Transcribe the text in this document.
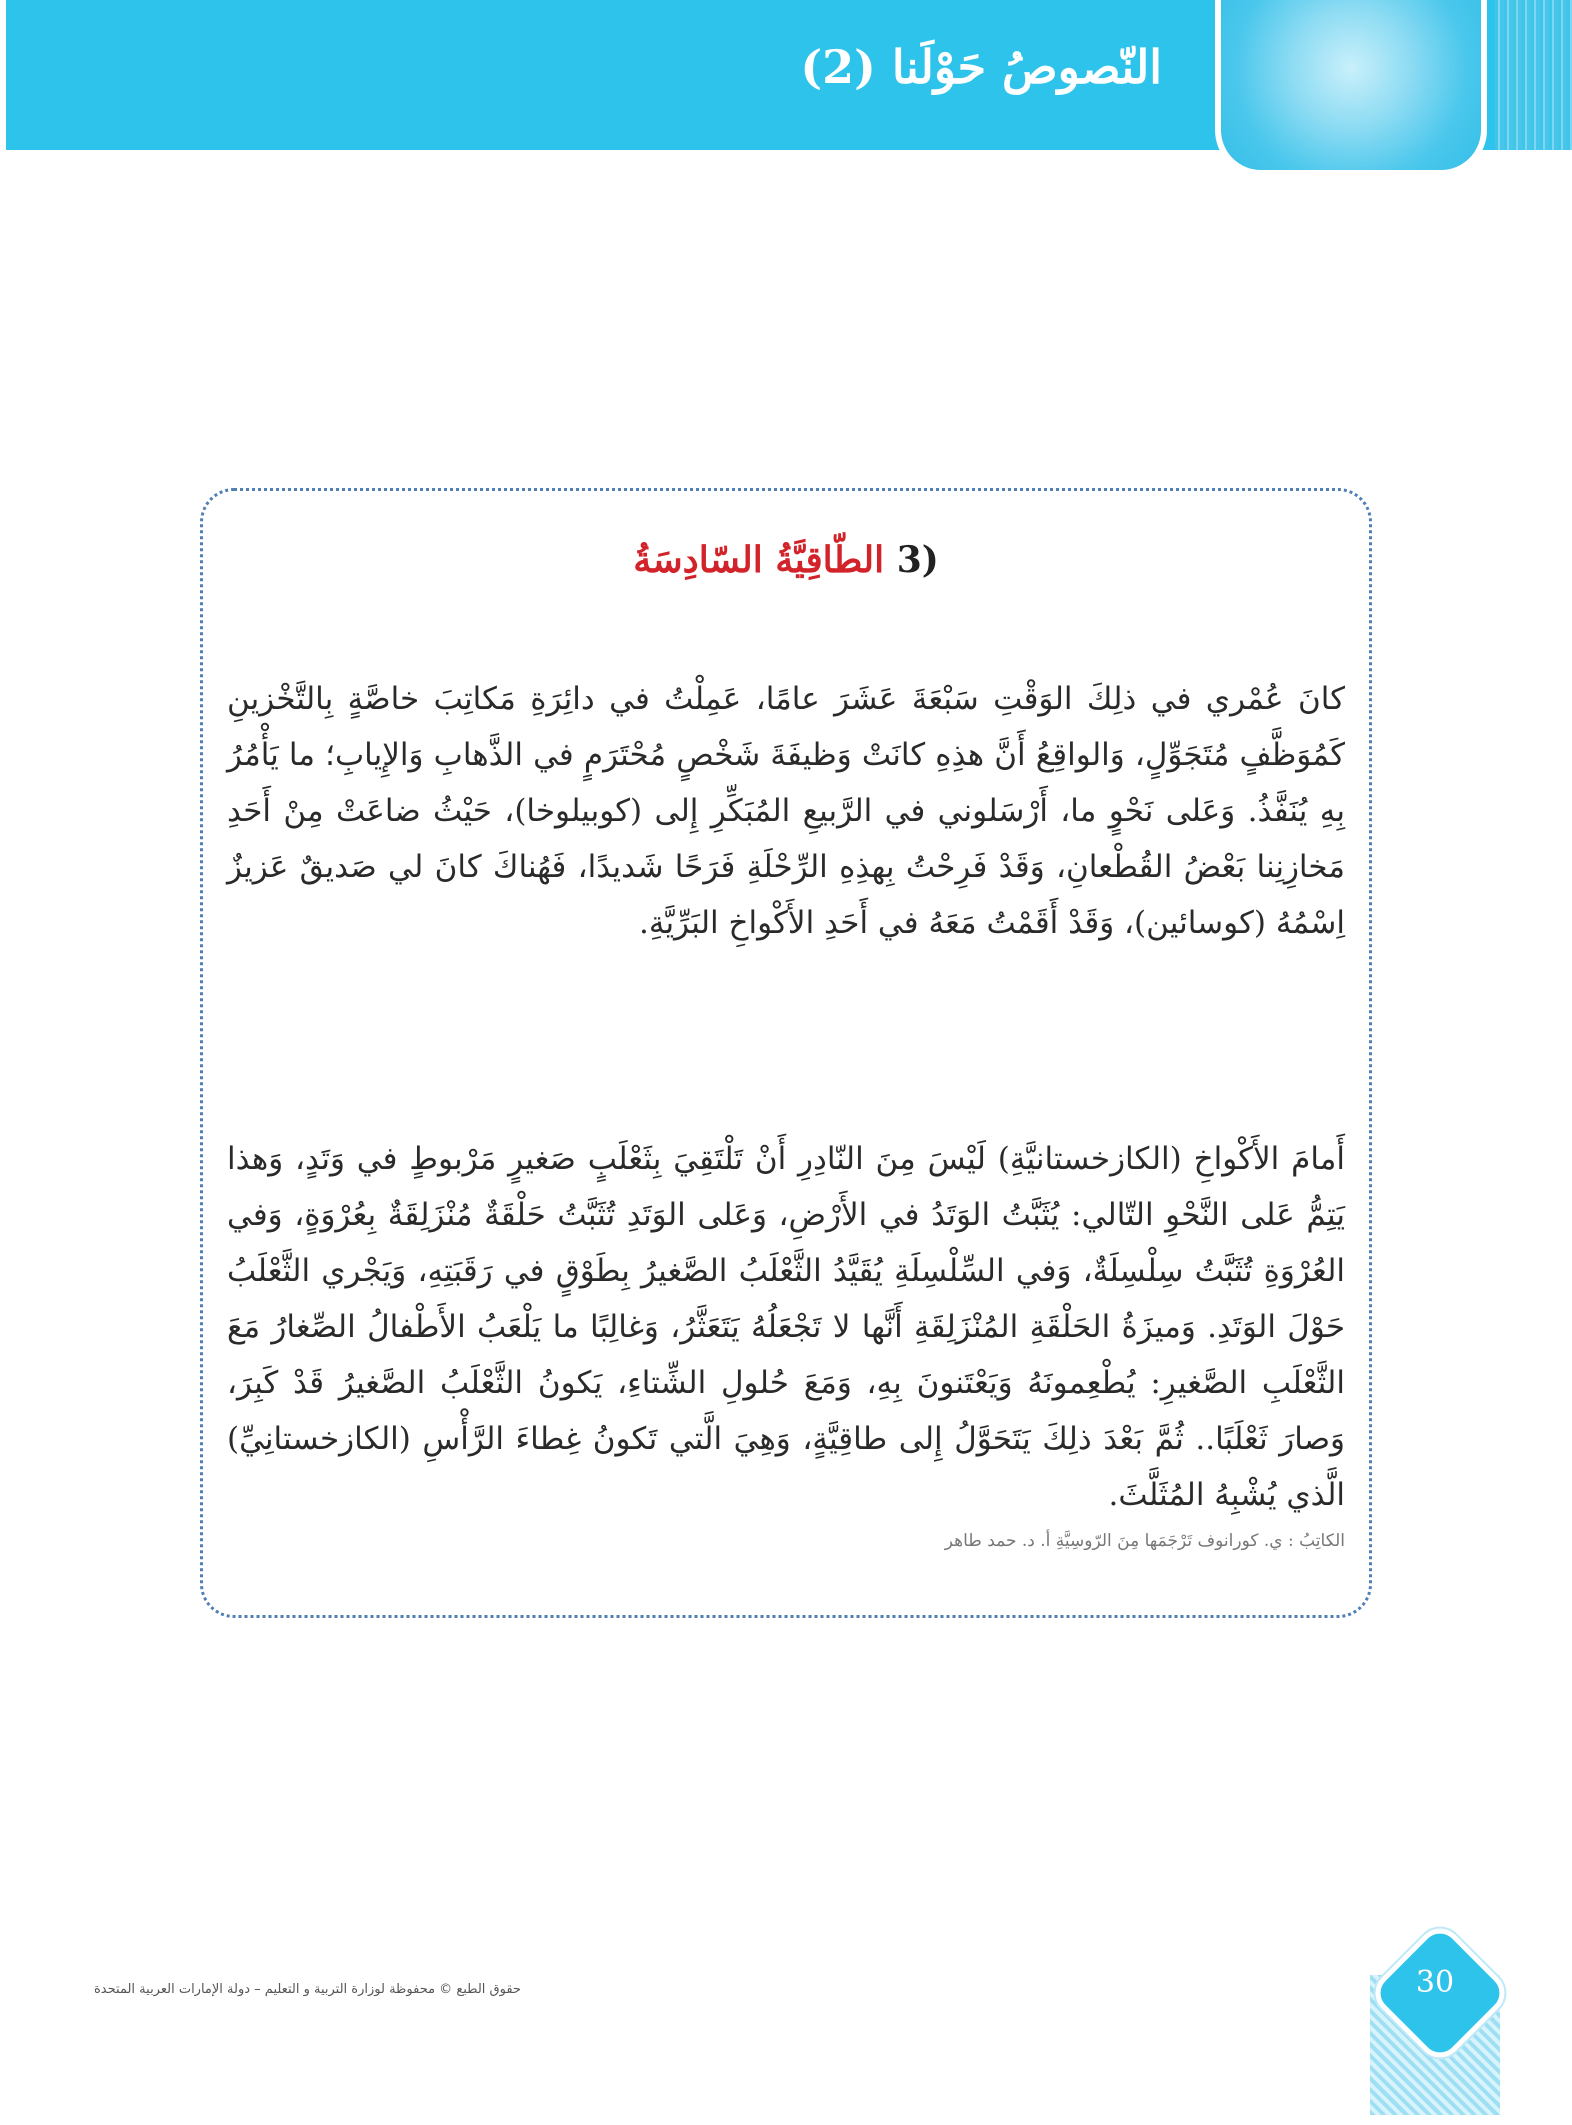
النّصوصُ حَوْلَنا (2)
(3 الطّاقِيَّةُ السّادِسَةُ
كانَ عُمْري في ذلِكَ الوَقْتِ سَبْعَةَ عَشَرَ عامًا، عَمِلْتُ في دائِرَةِ مَكاتِبَ خاصَّةٍ بِالتَّخْزينِ كَمُوَظَّفٍ مُتَجَوِّلٍ، وَالواقِعُ أَنَّ هذِهِ كانَتْ وَظيفَةَ شَخْصٍ مُحْتَرَمٍ في الذَّهابِ وَالإِيابِ؛ ما يَأْمُرُ بِهِ يُنَفَّذُ. وَعَلى نَحْوٍ ما، أَرْسَلوني في الرَّبيعِ المُبَكِّرِ إِلى (كوبيلوخا)، حَيْثُ ضاعَتْ مِنْ أَحَدِ مَخازِنِنا بَعْضُ القُطْعانِ، وَقَدْ فَرِحْتُ بِهذِهِ الرِّحْلَةِ فَرَحًا شَديدًا، فَهُناكَ كانَ لي صَديقٌ عَزيزٌ اِسْمُهُ (كوسائين)، وَقَدْ أَقَمْتُ مَعَهُ في أَحَدِ الأَكْواخِ البَرِّيَّةِ.
أَمامَ الأَكْواخِ (الكازخستانيَّةِ) لَيْسَ مِنَ النّادِرِ أَنْ تَلْتَقِيَ بِثَعْلَبٍ صَغيرٍ مَرْبوطٍ في وَتَدٍ، وَهذا يَتِمُّ عَلى النَّحْوِ التّالي: يُثَبَّتُ الوَتَدُ في الأَرْضِ، وَعَلى الوَتَدِ تُثَبَّتُ حَلْقَةٌ مُنْزَلِقَةٌ بِعُرْوَةٍ، وَفي العُرْوَةِ تُثَبَّتُ سِلْسِلَةٌ، وَفي السِّلْسِلَةِ يُقَيَّدُ الثَّعْلَبُ الصَّغيرُ بِطَوْقٍ في رَقَبَتِهِ، وَيَجْري الثَّعْلَبُ حَوْلَ الوَتَدِ. وَميزَةُ الحَلْقَةِ المُنْزَلِقَةِ أَنَّها لا تَجْعَلُهُ يَتَعَثَّرُ، وَغالِبًا ما يَلْعَبُ الأَطْفالُ الصِّغارُ مَعَ الثَّعْلَبِ الصَّغيرِ: يُطْعِمونَهُ وَيَعْتَنونَ بِهِ، وَمَعَ حُلولِ الشِّتاءِ، يَكونُ الثَّعْلَبُ الصَّغيرُ قَدْ كَبِرَ، وَصارَ ثَعْلَبًا.. ثُمَّ بَعْدَ ذلِكَ يَتَحَوَّلُ إِلى طاقِيَّةٍ، وَهِيَ الَّتي تَكونُ غِطاءَ الرَّأْسِ (الكازخستانِيِّ) الَّذي يُشْبِهُ المُثَلَّثَ.
الكاتِبُ : ي. كورانوف تَرْجَمَها مِنَ الرّوسِيَّةِ أ. د. حمد طاهر
30
حقوق الطبع © محفوظة لوزارة التربية و التعليم – دولة الإمارات العربية المتحدة
